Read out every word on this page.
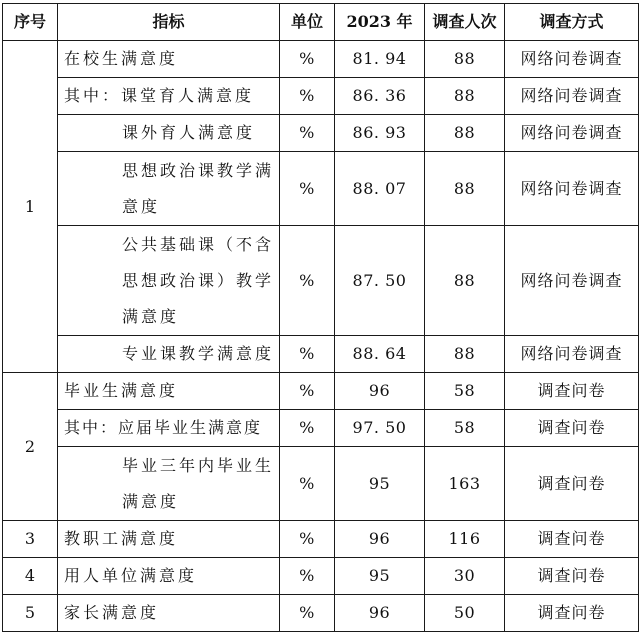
序号	指标	单位	2023 年	调查人次	调查方式
1	在校生满意度	%	81. 94	88	网络问卷调查
	其中：课堂育人满意度	%	86. 36	88	网络问卷调查
	课外育人满意度	%	86. 93	88	网络问卷调查
	思想政治课教学满意度	%	88. 07	88	网络问卷调查
	公共基础课（不含思想政治课）教学满意度	%	87. 50	88	网络问卷调查
	专业课教学满意度	%	88. 64	88	网络问卷调查
2	毕业生满意度	%	96	58	调查问卷
	其中：应届毕业生满意度	%	97. 50	58	调查问卷
	毕业三年内毕业生满意度	%	95	163	调查问卷
3	教职工满意度	%	96	116	调查问卷
4	用人单位满意度	%	95	30	调查问卷
5	家长满意度	%	96	50	调查问卷
